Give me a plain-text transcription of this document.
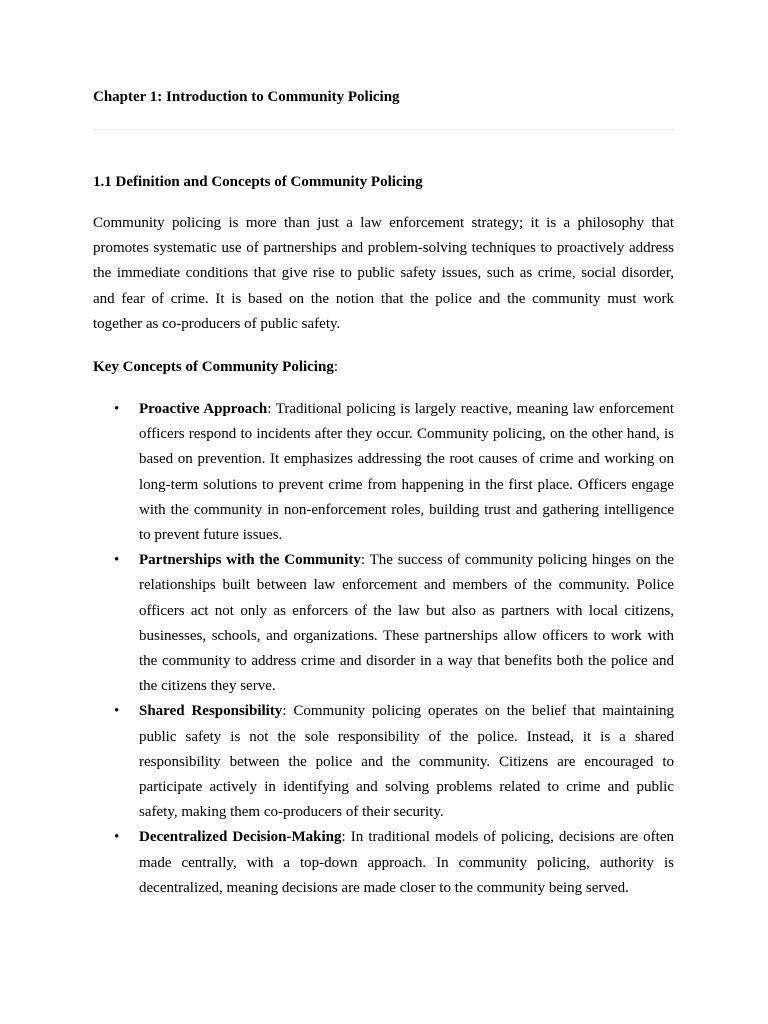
Chapter 1: Introduction to Community Policing
1.1 Definition and Concepts of Community Policing

Community policing is more than just a law enforcement strategy; it is a philosophy that promotes systematic use of partnerships and problem-solving techniques to proactively address the immediate conditions that give rise to public safety issues, such as crime, social disorder, and fear of crime. It is based on the notion that the police and the community must work together as co-producers of public safety.

Key Concepts of Community Policing:

• Proactive Approach: Traditional policing is largely reactive, meaning law enforcement officers respond to incidents after they occur. Community policing, on the other hand, is based on prevention. It emphasizes addressing the root causes of crime and working on long-term solutions to prevent crime from happening in the first place. Officers engage with the community in non-enforcement roles, building trust and gathering intelligence to prevent future issues.
• Partnerships with the Community: The success of community policing hinges on the relationships built between law enforcement and members of the community. Police officers act not only as enforcers of the law but also as partners with local citizens, businesses, schools, and organizations. These partnerships allow officers to work with the community to address crime and disorder in a way that benefits both the police and the citizens they serve.
• Shared Responsibility: Community policing operates on the belief that maintaining public safety is not the sole responsibility of the police. Instead, it is a shared responsibility between the police and the community. Citizens are encouraged to participate actively in identifying and solving problems related to crime and public safety, making them co-producers of their security.
• Decentralized Decision-Making: In traditional models of policing, decisions are often made centrally, with a top-down approach. In community policing, authority is decentralized, meaning decisions are made closer to the community being served.
